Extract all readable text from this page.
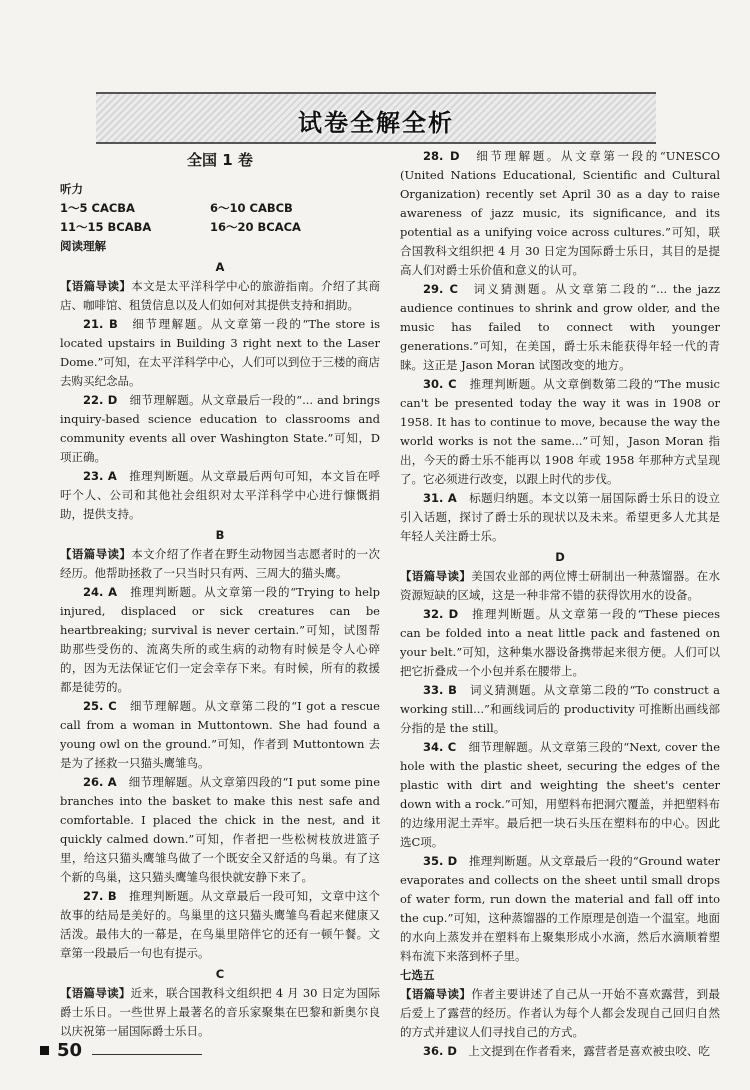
试卷全解全析
全国 1 卷

听力

1～5 CACBA	6～10 CABCB
11～15 BCABA	16～20 BCACA

阅读理解

A

【语篇导读】本文是太平洋科学中心的旅游指南。介绍了其商店、咖啡馆、租赁信息以及人们如何对其提供支持和捐助。

21. B　 细节理解题。从文章第一段的“The store is located upstairs in Building 3 right next to the Laser Dome.”可知，在太平洋科学中心，人们可以到位于三楼的商店去购买纪念品。

22. D　 细节理解题。从文章最后一段的“... and brings inquiry-based science education to classrooms and community events all over Washington State.”可知，D 项正确。

23. A　 推理判断题。从文章最后两句可知，本文旨在呼吁个人、公司和其他社会组织对太平洋科学中心进行慷慨捐助，提供支持。

B

【语篇导读】本文介绍了作者在野生动物园当志愿者时的一次经历。他帮助拯救了一只当时只有两、三周大的猫头鹰。

24. A　 推理判断题。从文章第一段的“Trying to help injured, displaced or sick creatures can be heartbreaking; survival is never certain.”可知，试图帮助那些受伤的、流离失所的或生病的动物有时候是令人心碎的，因为无法保证它们一定会幸存下来。有时候，所有的救援都是徒劳的。

25. C　 细节理解题。从文章第二段的“I got a rescue call from a woman in Muttontown. She had found a young owl on the ground.”可知，作者到 Muttontown 去是为了拯救一只猫头鹰雏鸟。

26. A　 细节理解题。从文章第四段的“I put some pine branches into the basket to make this nest safe and comfortable. I placed the chick in the nest, and it quickly calmed down.”可知，作者把一些松树枝放进篮子里，给这只猫头鹰雏鸟做了一个既安全又舒适的鸟巢。有了这个新的鸟巢，这只猫头鹰雏鸟很快就安静下来了。

27. B　 推理判断题。从文章最后一段可知，文章中这个故事的结局是美好的。鸟巢里的这只猫头鹰雏鸟看起来健康又活泼。最伟大的一幕是，在鸟巢里陪伴它的还有一顿午餐。文章第一段最后一句也有提示。

C

【语篇导读】近来，联合国教科文组织把 4 月 30 日定为国际爵士乐日。一些世界上最著名的音乐家聚集在巴黎和新奥尔良以庆祝第一届国际爵士乐日。

28. D　 细节理解题。从文章第一段的“UNESCO (United Nations Educational, Scientific and Cultural Organization) recently set April 30 as a day to raise awareness of jazz music, its significance, and its potential as a unifying voice across cultures.”可知，联合国教科文组织把 4 月 30 日定为国际爵士乐日，其目的是提高人们对爵士乐价值和意义的认可。

29. C　 词义猜测题。从文章第二段的“... the jazz audience continues to shrink and grow older, and the music has failed to connect with younger generations.”可知，在美国，爵士乐未能获得年轻一代的青睐。这正是 Jason Moran 试图改变的地方。

30. C　 推理判断题。从文章倒数第二段的“The music can't be presented today the way it was in 1908 or 1958. It has to continue to move, because the way the world works is not the same...”可知，Jason Moran 指出，今天的爵士乐不能再以 1908 年或 1958 年那种方式呈现了。它必须进行改变，以跟上时代的步伐。

31. A　 标题归纳题。本文以第一届国际爵士乐日的设立引入话题，探讨了爵士乐的现状以及未来。希望更多人尤其是年轻人关注爵士乐。

D

【语篇导读】美国农业部的两位博士研制出一种蒸馏器。在水资源短缺的区域，这是一种非常不错的获得饮用水的设备。

32. D　 推理判断题。从文章第一段的“These pieces can be folded into a neat little pack and fastened on your belt.”可知，这种集水器设备携带起来很方便。人们可以把它折叠成一个小包并系在腰带上。

33. B　 词义猜测题。从文章第二段的“To construct a working still...”和画线词后的 productivity 可推断出画线部分指的是 the still。

34. C　 细节理解题。从文章第三段的“Next, cover the hole with the plastic sheet, securing the edges of the plastic with dirt and weighting the sheet's center down with a rock.”可知，用塑料布把洞穴覆盖，并把塑料布的边缘用泥土弄牢。最后把一块石头压在塑料布的中心。因此选C项。

35. D　 推理判断题。从文章最后一段的“Ground water evaporates and collects on the sheet until small drops of water form, run down the material and fall off into the cup.”可知，这种蒸馏器的工作原理是创造一个温室。地面的水向上蒸发并在塑料布上聚集形成小水滴，然后水滴顺着塑料布流下来落到杯子里。

七选五

【语篇导读】作者主要讲述了自己从一开始不喜欢露营，到最后爱上了露营的经历。作者认为每个人都会发现自己回归自然的方式并建议人们寻找自己的方式。

36. D　 上文提到在作者看来，露营者是喜欢被虫咬、吃

50
